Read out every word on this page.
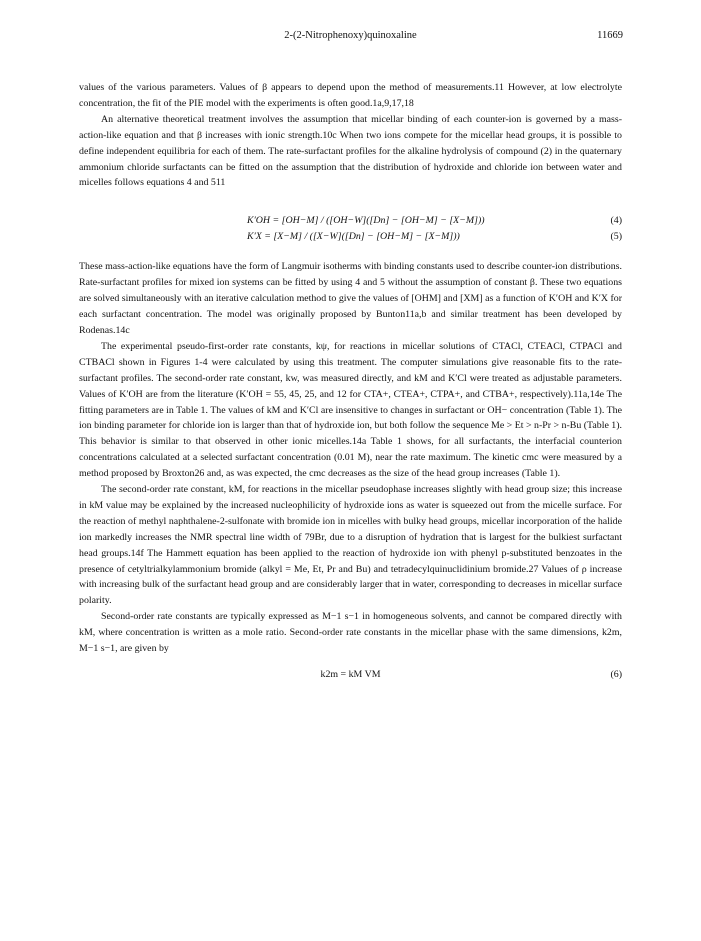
2-(2-Nitrophenoxy)quinoxaline	11669

values of the various parameters. Values of β appears to depend upon the method of measurements.11 However, at low electrolyte concentration, the fit of the PIE model with the experiments is often good.1a,9,17,18

An alternative theoretical treatment involves the assumption that micellar binding of each counter-ion is governed by a mass-action-like equation and that β increases with ionic strength.10c When two ions compete for the micellar head groups, it is possible to define independent equilibria for each of them. The rate-surfactant profiles for the alkaline hydrolysis of compound (2) in the quaternary ammonium chloride surfactants can be fitted on the assumption that the distribution of hydroxide and chloride ion between water and micelles follows equations 4 and 511

K′OH = [OH−M] / ([OH−W]([Dn] − [OH−M] − [X−M]))	(4)
K′X = [X−M] / ([X−W]([Dn] − [OH−M] − [X−M]))	(5)

These mass-action-like equations have the form of Langmuir isotherms with binding constants used to describe counter-ion distributions. Rate-surfactant profiles for mixed ion systems can be fitted by using 4 and 5 without the assumption of constant β. These two equations are solved simultaneously with an iterative calculation method to give the values of [OHM] and [XM] as a function of K′OH and K′X for each surfactant concentration. The model was originally proposed by Bunton11a,b and similar treatment has been developed by Rodenas.14c

The experimental pseudo-first-order rate constants, kψ, for reactions in micellar solutions of CTACl, CTEACl, CTPACl and CTBACl shown in Figures 1-4 were calculated by using this treatment. The computer simulations give reasonable fits to the rate-surfactant profiles. The second-order rate constant, kw, was measured directly, and kM and K′Cl were treated as adjustable parameters. Values of K′OH are from the literature (K′OH = 55, 45, 25, and 12 for CTA+, CTEA+, CTPA+, and CTBA+, respectively).11a,14e The fitting parameters are in Table 1. The values of kM and K′Cl are insensitive to changes in surfactant or OH− concentration (Table 1). The ion binding parameter for chloride ion is larger than that of hydroxide ion, but both follow the sequence Me > Et > n-Pr > n-Bu (Table 1). This behavior is similar to that observed in other ionic micelles.14a Table 1 shows, for all surfactants, the interfacial counterion concentrations calculated at a selected surfactant concentration (0.01 M), near the rate maximum. The kinetic cmc were measured by a method proposed by Broxton26 and, as was expected, the cmc decreases as the size of the head group increases (Table 1).

The second-order rate constant, kM, for reactions in the micellar pseudophase increases slightly with head group size; this increase in kM value may be explained by the increased nucleophilicity of hydroxide ions as water is squeezed out from the micelle surface. For the reaction of methyl naphthalene-2-sulfonate with bromide ion in micelles with bulky head groups, micellar incorporation of the halide ion markedly increases the NMR spectral line width of 79Br, due to a disruption of hydration that is largest for the bulkiest surfactant head groups.14f The Hammett equation has been applied to the reaction of hydroxide ion with phenyl p-substituted benzoates in the presence of cetyltrialkylammonium bromide (alkyl = Me, Et, Pr and Bu) and tetradecylquinuclidinium bromide.27 Values of ρ increase with increasing bulk of the surfactant head group and are considerably larger that in water, corresponding to decreases in micellar surface polarity.

Second-order rate constants are typically expressed as M−1 s−1 in homogeneous solvents, and cannot be compared directly with kM, where concentration is written as a mole ratio. Second-order rate constants in the micellar phase with the same dimensions, k2m, M−1 s−1, are given by

k2m = kM VM	(6)
